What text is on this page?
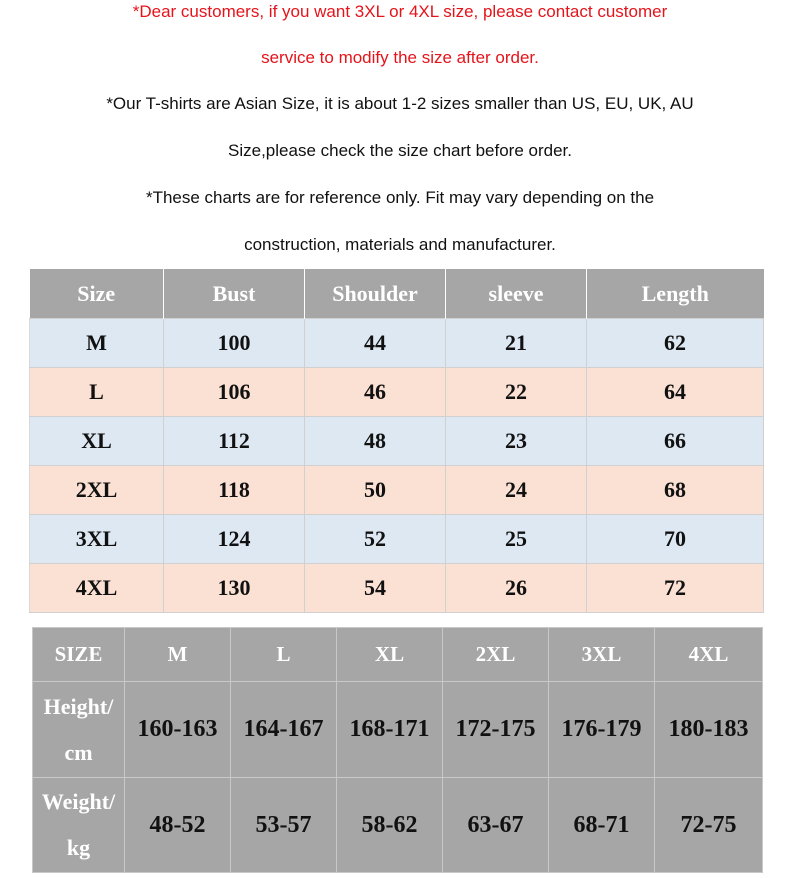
*Dear customers, if you want 3XL or 4XL size, please contact customer
service to modify the size after order.
*Our T-shirts are Asian Size, it is about 1-2 sizes smaller than US, EU, UK, AU
Size,please check the size chart before order.
*These charts are for reference only. Fit may vary depending on the
construction, materials and manufacturer.
Size	Bust	Shoulder	sleeve	Length
M	100	44	21	62
L	106	46	22	64
XL	112	48	23	66
2XL	118	50	24	68
3XL	124	52	25	70
4XL	130	54	26	72
SIZE	M	L	XL	2XL	3XL	4XL

Height/
cm	160-163	164-167	168-171	172-175	176-179	180-183

Weight/
kg	48-52	53-57	58-62	63-67	68-71	72-75
